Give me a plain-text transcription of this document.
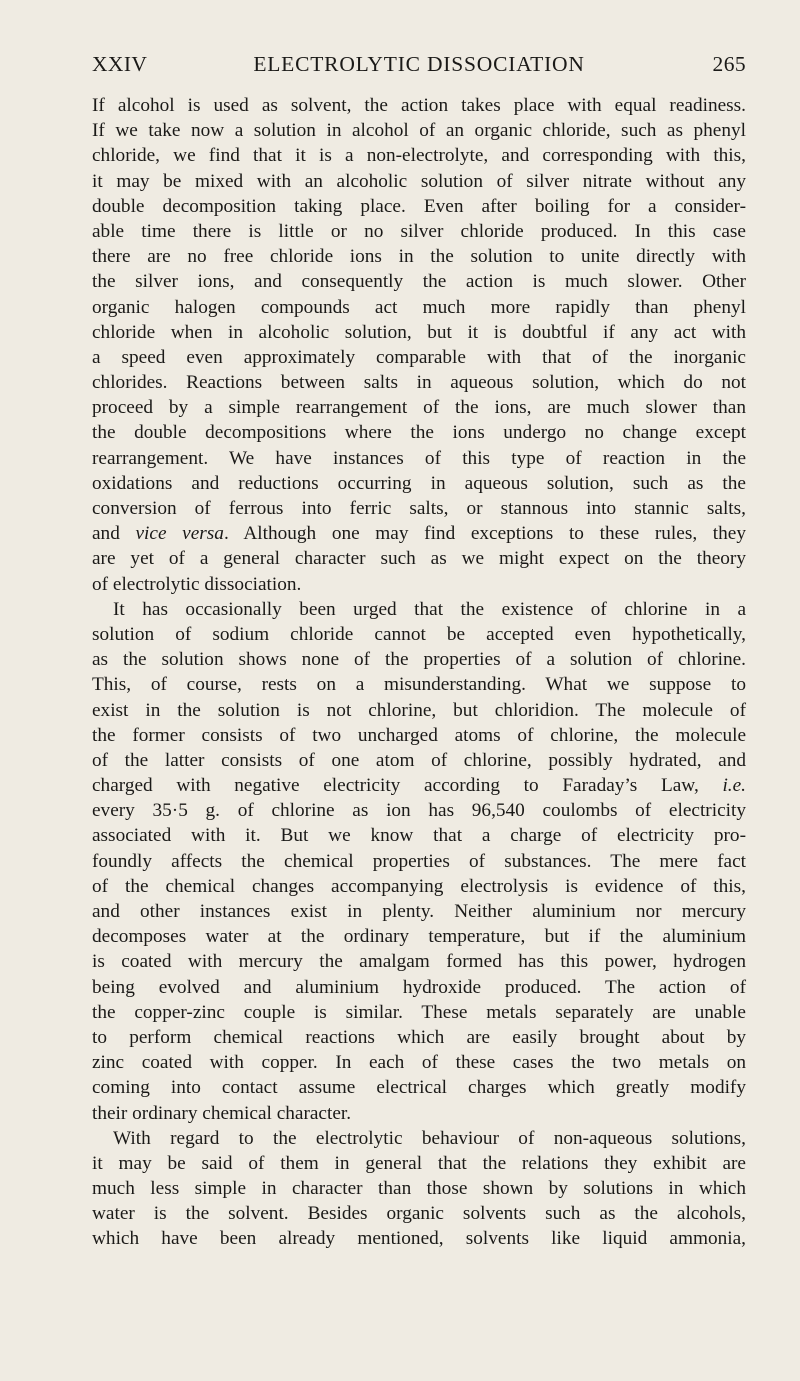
XXIV	ELECTROLYTIC DISSOCIATION	265
If alcohol is used as solvent, the action takes place with equal readiness.
If we take now a solution in alcohol of an organic chloride, such as phenyl
chloride, we find that it is a non-electrolyte, and corresponding with this,
it may be mixed with an alcoholic solution of silver nitrate without any
double decomposition taking place. Even after boiling for a consider-
able time there is little or no silver chloride produced. In this case
there are no free chloride ions in the solution to unite directly with
the silver ions, and consequently the action is much slower. Other
organic halogen compounds act much more rapidly than phenyl
chloride when in alcoholic solution, but it is doubtful if any act with
a speed even approximately comparable with that of the inorganic
chlorides. Reactions between salts in aqueous solution, which do not
proceed by a simple rearrangement of the ions, are much slower than
the double decompositions where the ions undergo no change except
rearrangement. We have instances of this type of reaction in the
oxidations and reductions occurring in aqueous solution, such as the
conversion of ferrous into ferric salts, or stannous into stannic salts,
and vice versa. Although one may find exceptions to these rules, they
are yet of a general character such as we might expect on the theory
of electrolytic dissociation.
It has occasionally been urged that the existence of chlorine in a
solution of sodium chloride cannot be accepted even hypothetically,
as the solution shows none of the properties of a solution of chlorine.
This, of course, rests on a misunderstanding. What we suppose to
exist in the solution is not chlorine, but chloridion. The molecule of
the former consists of two uncharged atoms of chlorine, the molecule
of the latter consists of one atom of chlorine, possibly hydrated, and
charged with negative electricity according to Faraday’s Law, i.e.
every 35·5 g. of chlorine as ion has 96,540 coulombs of electricity
associated with it. But we know that a charge of electricity pro-
foundly affects the chemical properties of substances. The mere fact
of the chemical changes accompanying electrolysis is evidence of this,
and other instances exist in plenty. Neither aluminium nor mercury
decomposes water at the ordinary temperature, but if the aluminium
is coated with mercury the amalgam formed has this power, hydrogen
being evolved and aluminium hydroxide produced. The action of
the copper-zinc couple is similar. These metals separately are unable
to perform chemical reactions which are easily brought about by
zinc coated with copper. In each of these cases the two metals on
coming into contact assume electrical charges which greatly modify
their ordinary chemical character.
With regard to the electrolytic behaviour of non-aqueous solutions,
it may be said of them in general that the relations they exhibit are
much less simple in character than those shown by solutions in which
water is the solvent. Besides organic solvents such as the alcohols,
which have been already mentioned, solvents like liquid ammonia,
